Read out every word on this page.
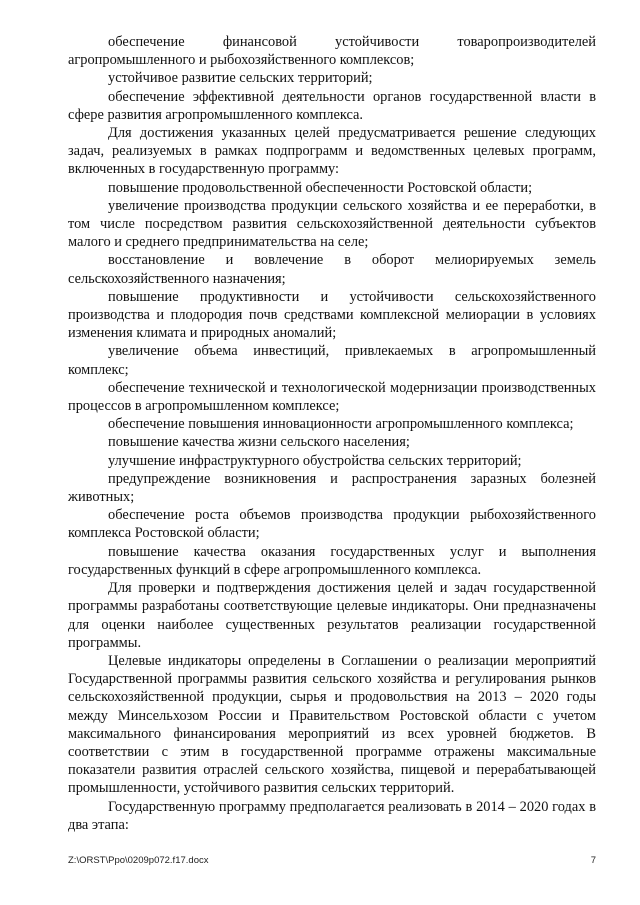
обеспечение финансовой устойчивости товаропроизводителей агропромышленного и рыбохозяйственного комплексов;

устойчивое развитие сельских территорий;

обеспечение эффективной деятельности органов государственной власти в сфере развития агропромышленного комплекса.

Для достижения указанных целей предусматривается решение следующих задач, реализуемых в рамках подпрограмм и ведомственных целевых программ, включенных в государственную программу:

повышение продовольственной обеспеченности Ростовской области;

увеличение производства продукции сельского хозяйства и ее переработки, в том числе посредством развития сельскохозяйственной деятельности субъектов малого и среднего предпринимательства на селе;

восстановление и вовлечение в оборот мелиорируемых земель сельскохозяйственного назначения;

повышение продуктивности и устойчивости сельскохозяйственного производства и плодородия почв средствами комплексной мелиорации в условиях изменения климата и природных аномалий;

увеличение объема инвестиций, привлекаемых в агропромышленный комплекс;

обеспечение технической и технологической модернизации производственных процессов в агропромышленном комплексе;

обеспечение повышения инновационности агропромышленного комплекса;

повышение качества жизни сельского населения;

улучшение инфраструктурного обустройства сельских территорий;

предупреждение возникновения и распространения заразных болезней животных;

обеспечение роста объемов производства продукции рыбохозяйственного комплекса Ростовской области;

повышение качества оказания государственных услуг и выполнения государственных функций в сфере агропромышленного комплекса.

Для проверки и подтверждения достижения целей и задач государственной программы разработаны соответствующие целевые индикаторы. Они предназначены для оценки наиболее существенных результатов реализации государственной программы.

Целевые индикаторы определены в Соглашении о реализации мероприятий Государственной программы развития сельского хозяйства и регулирования рынков сельскохозяйственной продукции, сырья и продовольствия на 2013 – 2020 годы между Минсельхозом России и Правительством Ростовской области с учетом максимального финансирования мероприятий из всех уровней бюджетов. В соответствии с этим в государственной программе отражены максимальные показатели развития отраслей сельского хозяйства, пищевой и перерабатывающей промышленности, устойчивого развития сельских территорий.

Государственную программу предполагается реализовать в 2014 – 2020 годах в два этапа:

Z:\ORST\Ppo\0209p072.f17.docx	7
